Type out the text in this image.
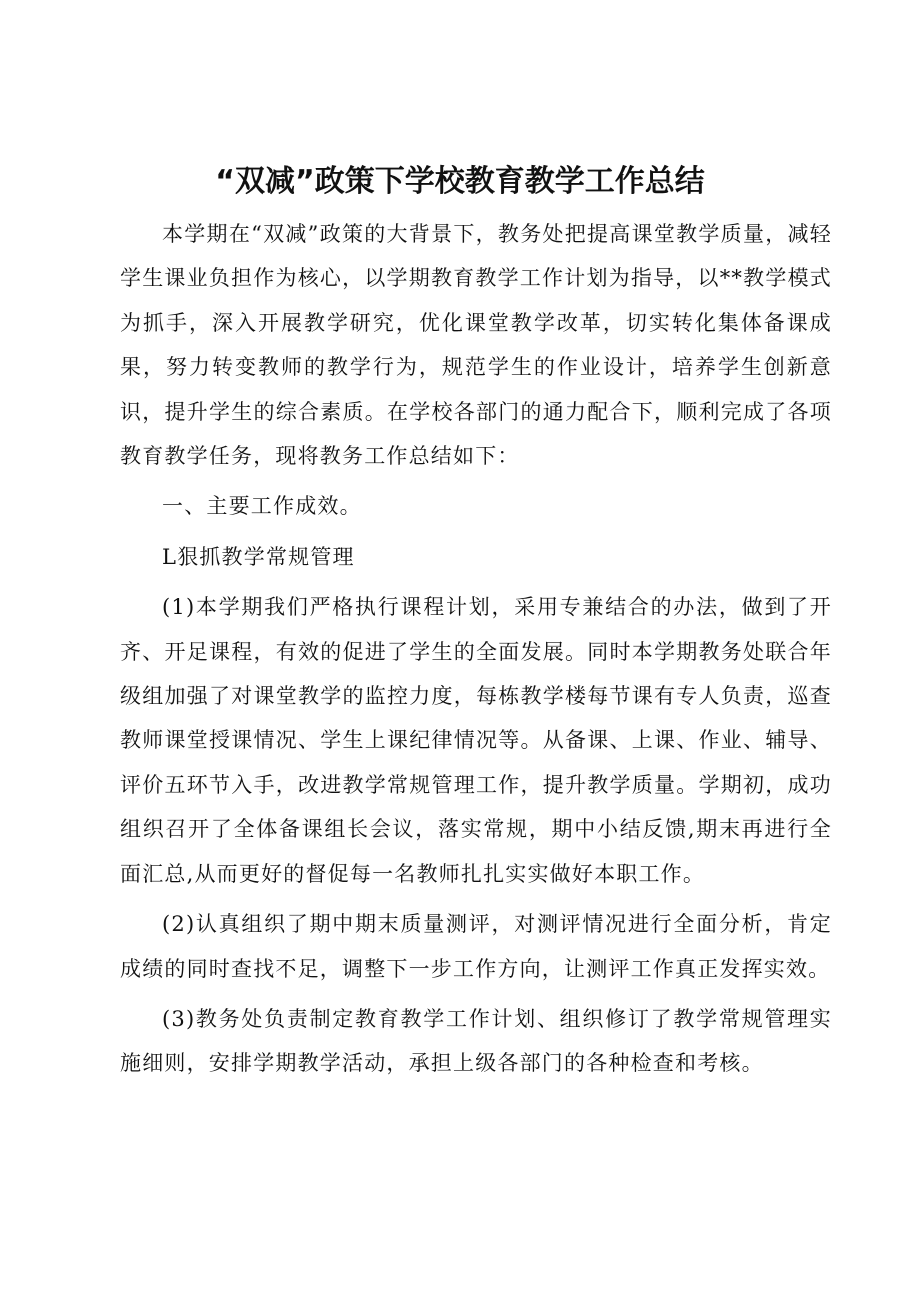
“双减”政策下学校教育教学工作总结

本学期在“双减”政策的大背景下，教务处把提高课堂教学质量，减轻学生课业负担作为核心，以学期教育教学工作计划为指导，以**教学模式为抓手，深入开展教学研究，优化课堂教学改革，切实转化集体备课成果，努力转变教师的教学行为，规范学生的作业设计，培养学生创新意识，提升学生的综合素质。在学校各部门的通力配合下，顺利完成了各项教育教学任务，现将教务工作总结如下：

一、主要工作成效。

L狠抓教学常规管理

(1)本学期我们严格执行课程计划，采用专兼结合的办法，做到了开齐、开足课程，有效的促进了学生的全面发展。同时本学期教务处联合年级组加强了对课堂教学的监控力度，每栋教学楼每节课有专人负责，巡查教师课堂授课情况、学生上课纪律情况等。从备课、上课、作业、辅导、评价五环节入手，改进教学常规管理工作，提升教学质量。学期初，成功组织召开了全体备课组长会议，落实常规，期中小结反馈,期末再进行全面汇总,从而更好的督促每一名教师扎扎实实做好本职工作。

(2)认真组织了期中期末质量测评，对测评情况进行全面分析，肯定成绩的同时查找不足，调整下一步工作方向，让测评工作真正发挥实效。

(3)教务处负责制定教育教学工作计划、组织修订了教学常规管理实施细则，安排学期教学活动，承担上级各部门的各种检查和考核。
